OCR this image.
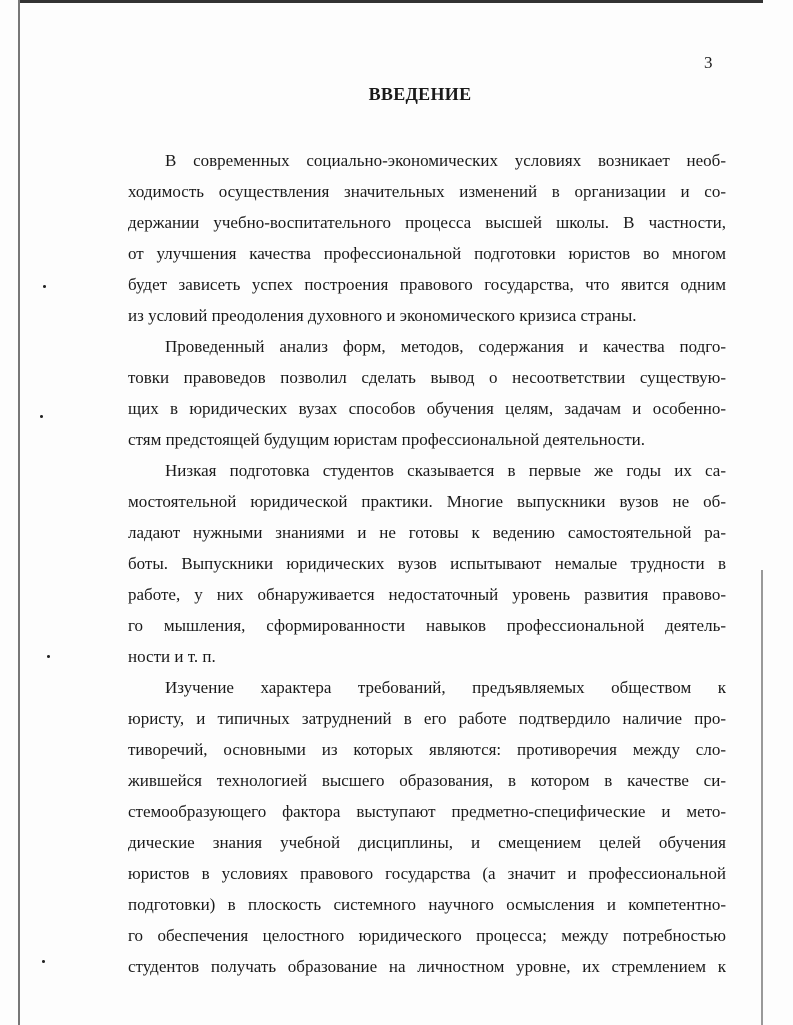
3
ВВЕДЕНИЕ
В современных социально-экономических условиях возникает необ-
ходимость осуществления значительных изменений в организации и со-
держании учебно-воспитательного процесса высшей школы. В частности,
от улучшения качества профессиональной подготовки юристов во многом
будет зависеть успех построения правового государства, что явится одним
из условий преодоления духовного и экономического кризиса страны.
Проведенный анализ форм, методов, содержания и качества подго-
товки правоведов позволил сделать вывод о несоответствии существую-
щих в юридических вузах способов обучения целям, задачам и особенно-
стям предстоящей будущим юристам профессиональной деятельности.
Низкая подготовка студентов сказывается в первые же годы их са-
мостоятельной юридической практики. Многие выпускники вузов не об-
ладают нужными знаниями и не готовы к ведению самостоятельной ра-
боты. Выпускники юридических вузов испытывают немалые трудности в
работе, у них обнаруживается недостаточный уровень развития правово-
го мышления, сформированности навыков профессиональной деятель-
ности и т. п.
Изучение характера требований, предъявляемых обществом к
юристу, и типичных затруднений в его работе подтвердило наличие про-
тиворечий, основными из которых являются: противоречия между сло-
жившейся технологией высшего образования, в котором в качестве си-
стемообразующего фактора выступают предметно-специфические и мето-
дические знания учебной дисциплины, и смещением целей обучения
юристов в условиях правового государства (а значит и профессиональной
подготовки) в плоскость системного научного осмысления и компетентно-
го обеспечения целостного юридического процесса; между потребностью
студентов получать образование на личностном уровне, их стремлением к
